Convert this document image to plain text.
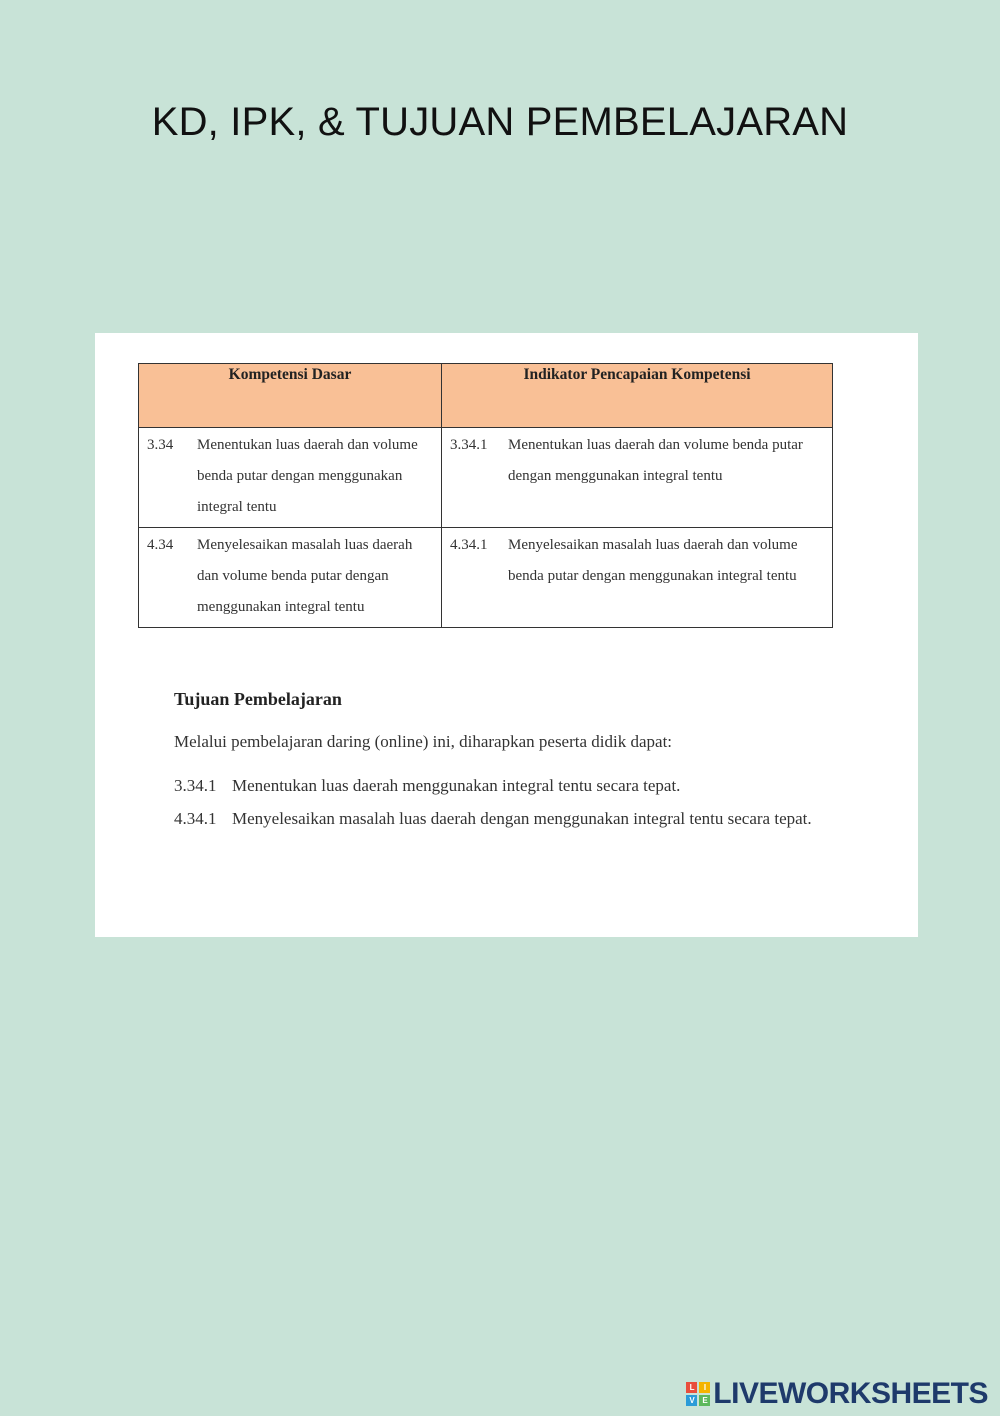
KD, IPK, & TUJUAN PEMBELAJARAN
Kompetensi Dasar	Indikator Pencapaian Kompetensi

3.34 Menentukan luas daerah dan volume benda putar dengan menggunakan integral tentu	3.34.1 Menentukan luas daerah dan volume benda putar dengan menggunakan integral tentu

4.34 Menyelesaikan masalah luas daerah dan volume benda putar dengan menggunakan integral tentu	4.34.1 Menyelesaikan masalah luas daerah dan volume benda putar dengan menggunakan integral tentu

Tujuan Pembelajaran

Melalui pembelajaran daring (online) ini, diharapkan peserta didik dapat:
3.34.1 Menentukan luas daerah menggunakan integral tentu secara tepat.
4.34.1 Menyelesaikan masalah luas daerah dengan menggunakan integral tentu secara tepat.
L	I
V	E LIVEWORKSHEETS
